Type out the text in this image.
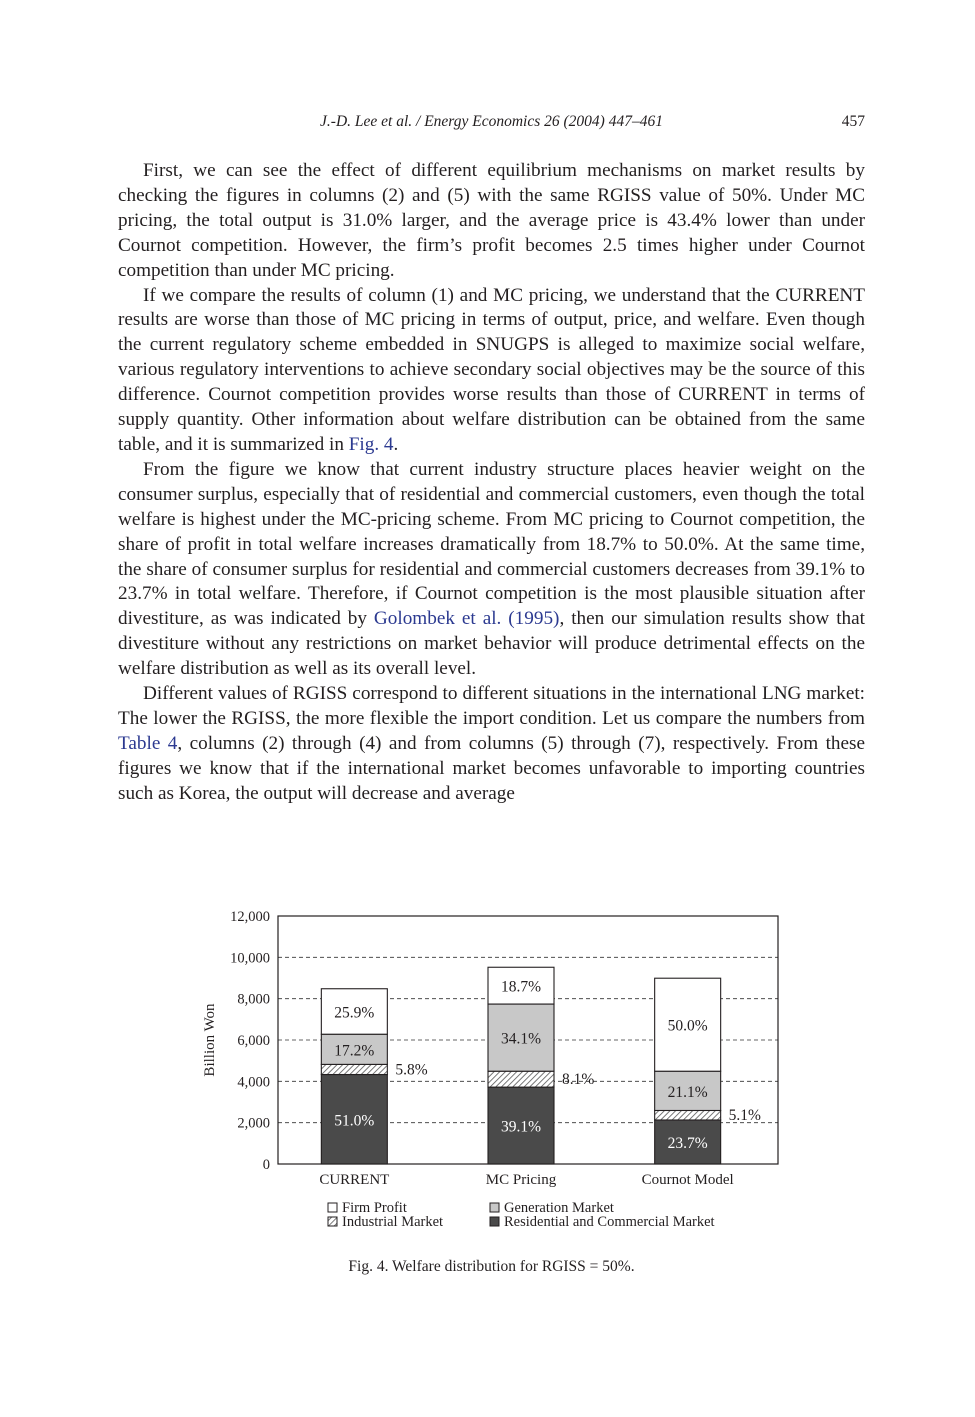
J.-D. Lee et al. / Energy Economics 26 (2004) 447–461	457

First, we can see the effect of different equilibrium mechanisms on market results by checking the figures in columns (2) and (5) with the same RGISS value of 50%. Under MC pricing, the total output is 31.0% larger, and the average price is 43.4% lower than under Cournot competition. However, the firm’s profit becomes 2.5 times higher under Cournot competition than under MC pricing.

If we compare the results of column (1) and MC pricing, we understand that the CURRENT results are worse than those of MC pricing in terms of output, price, and welfare. Even though the current regulatory scheme embedded in SNUGPS is alleged to maximize social welfare, various regulatory interventions to achieve secondary social objectives may be the source of this difference. Cournot competition provides worse results than those of CURRENT in terms of supply quantity. Other information about welfare distribution can be obtained from the same table, and it is summarized in Fig. 4.

From the figure we know that current industry structure places heavier weight on the consumer surplus, especially that of residential and commercial customers, even though the total welfare is highest under the MC-pricing scheme. From MC pricing to Cournot competition, the share of profit in total welfare increases dramatically from 18.7% to 50.0%. At the same time, the share of consumer surplus for residential and commercial customers decreases from 39.1% to 23.7% in total welfare. Therefore, if Cournot competition is the most plausible situation after divestiture, as was indicated by Golombek et al. (1995), then our simulation results show that divestiture without any restrictions on market behavior will produce detrimental effects on the welfare distribution as well as its overall level.

Different values of RGISS correspond to different situations in the international LNG market: The lower the RGISS, the more flexible the import condition. Let us compare the numbers from Table 4, columns (2) through (4) and from columns (5) through (7), respectively. From these figures we know that if the international market becomes unfavorable to importing countries such as Korea, the output will decrease and average

0
2,000
4,000
6,000
8,000
10,000
12,000
Billion Won
51.0%
5.8%
17.2%
25.9%
CURRENT
39.1%
8.1%
34.1%
18.7%
MC Pricing
23.7%
5.1%
21.1%
50.0%
Cournot Model
Firm Profit	Generation Market
Industrial Market	Residential and Commercial Market
Fig. 4. Welfare distribution for RGISS = 50%.
